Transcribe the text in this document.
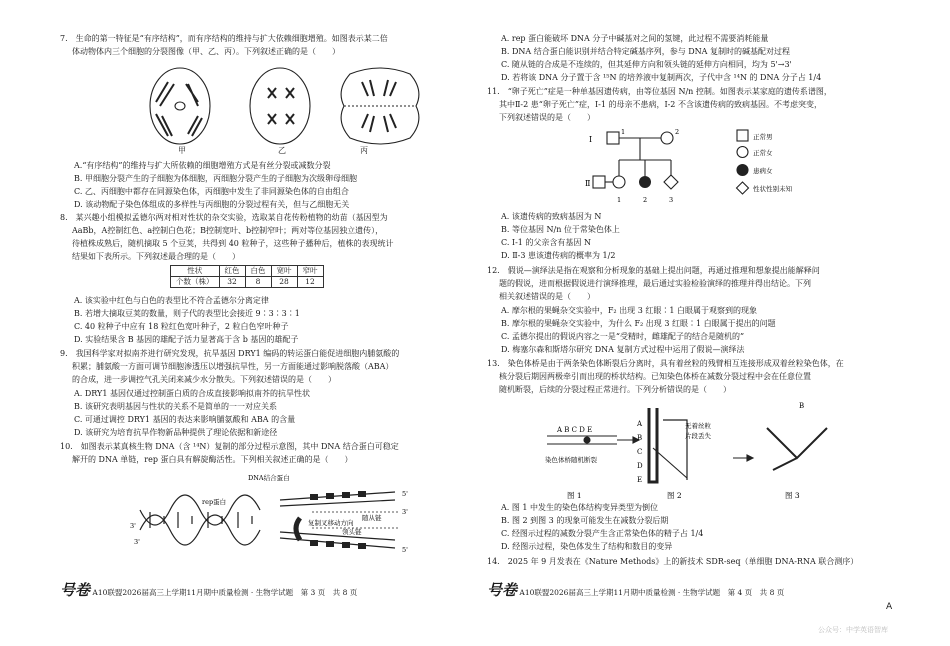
7.　生命的第一特征是“有序结构”，而有序结构的维持与扩大依赖细胞增殖。如图表示某二倍
体动物体内三个细胞的分裂图像（甲、乙、丙）。下列叙述正确的是（　　）
甲	乙	丙
A.“有序结构”的维持与扩大所依赖的细胞增殖方式是有丝分裂或减数分裂
B. 甲细胞分裂产生的子细胞为体细胞，丙细胞分裂产生的子细胞为次级卵母细胞
C. 乙、丙细胞中都存在同源染色体，丙细胞中发生了非同源染色体的自由组合
D. 该动物配子染色体组成的多样性与丙细胞的分裂过程有关，但与乙细胞无关
8.　某兴趣小组模拟孟德尔两对相对性状的杂交实验，选取某自花传粉植物的幼苗（基因型为
AaBb，A控制红色、a控制白色花；B控制宽叶、b控制窄叶；两对等位基因独立遗传），
待植株成熟后，随机摘取 5 个豆荚，共得到 40 粒种子，这些种子播种后，植株的表现统计
结果如下表所示。下列叙述最合理的是（　　）
性状	红色	白色	宽叶	窄叶
个数（株）	32	8	28	12
A. 该实验中红色与白色的表型比不符合孟德尔分离定律
B. 若增大摘取豆荚的数量，则子代的表型比会接近 9∶3∶3∶1
C. 40 粒种子中应有 18 粒红色宽叶种子，2 粒白色窄叶种子
D. 实验结果含 B 基因的雄配子活力显著高于含 b 基因的雄配子
9.　我国科学家对拟南芥进行研究发现，抗旱基因 DRY1 编码的转运蛋白能促进细胞内脯氨酸的
积累；脯氨酸一方面可调节细胞渗透压以增强抗旱性，另一方面能通过影响脱落酸（ABA）
的合成，进一步调控气孔关闭来减少水分散失。下列叙述错误的是（　　）
A. DRY1 基因仅通过控制蛋白质的合成直接影响拟南芥的抗旱性状
B. 该研究表明基因与性状的关系不是简单的一一对应关系
C. 可通过调控 DRY1 基因的表达来影响脯氨酸和 ABA 的含量
D. 该研究为培育抗旱作物新品种提供了理论依据和新途径
10.　如图表示某真核生物 DNA（含 ¹⁴N）复制的部分过程示意图，其中 DNA 结合蛋白可稳定
解开的 DNA 单链，rep 蛋白具有解旋酶活性。下列相关叙述正确的是（　　）
DNA结合蛋白
rep蛋白
5'
5'
3'
3'
3'
随从链
复制叉移动方向
领头链
号卷 A10联盟2026届高三上学期11月期中质量检测 · 生物学试题　第 3 页　共 8 页
A. rep 蛋白能破坏 DNA 分子中碱基对之间的氢键，此过程不需要消耗能量
B. DNA 结合蛋白能识别并结合特定碱基序列，参与 DNA 复制时的碱基配对过程
C. 随从链的合成是不连续的，但其延伸方向和领头链的延伸方向相同，均为 5'→3'
D. 若将该 DNA 分子置于含 ¹⁵N 的培养液中复制两次，子代中含 ¹⁴N 的 DNA 分子占 1/4
11.　“卵子死亡”症是一种单基因遗传病，由等位基因 N/n 控制。如图表示某家庭的遗传系谱图，
其中Ⅱ-2 患“卵子死亡”症，Ⅰ-1 的母亲不患病，Ⅰ-2 不含该遗传病的致病基因。不考虑突变，
下列叙述错误的是（　　）
Ⅰ
Ⅱ
1	2
1	2	3
正常男
正常女
患病女
性状性别未知
A. 该遗传病的致病基因为 N
B. 等位基因 N/n 位于常染色体上
C. Ⅰ-1 的父亲含有基因 N
D. Ⅱ-3 患该遗传病的概率为 1/2
12.　假说—演绎法是指在观察和分析现象的基础上提出问题，再通过推理和想象提出能解释问
题的假说，进而根据假说进行演绎推理，最后通过实验检验演绎的推理并得出结论。下列
相关叙述错误的是（　　）
A. 摩尔根的果蝇杂交实验中，F₂ 出现 3 红眼∶1 白眼属于观察到的现象
B. 摩尔根的果蝇杂交实验中，为什么 F₂ 出现 3 红眼∶1 白眼属于提出的问题
C. 孟德尔提出的假说内容之一是“受精时，雌雄配子的结合是随机的”
D. 梅塞尔森和斯塔尔研究 DNA 复制方式过程中运用了假说—演绎法
13.　染色体桥是由于两条染色体断裂后分离时，具有着丝粒的残臂相互连接形成双着丝粒染色体，在
核分裂后期因两极牵引而出现的桥状结构。已知染色体桥在减数分裂过程中会在任意位置
随机断裂，后续的分裂过程正常进行。下列分析错误的是（　　）
A B C D E
染色体桥随机断裂
无着丝粒
片段丢失
A
B
C
D
E
B
图 1	图 2	图 3
A. 图 1 中发生的染色体结构变异类型为倒位
B. 图 2 到图 3 的现象可能发生在减数分裂后期
C. 经图示过程的减数分裂产生含正常染色体的精子占 1/4
D. 经图示过程，染色体发生了结构和数目的变异
14.　2025 年 9 月发表在《Nature Methods》上的新技术 SDR-seq（单细胞 DNA-RNA 联合测序）
号卷 A10联盟2026届高三上学期11月期中质量检测 · 生物学试题　第 4 页　共 8 页
A
公众号：中学英语智库
